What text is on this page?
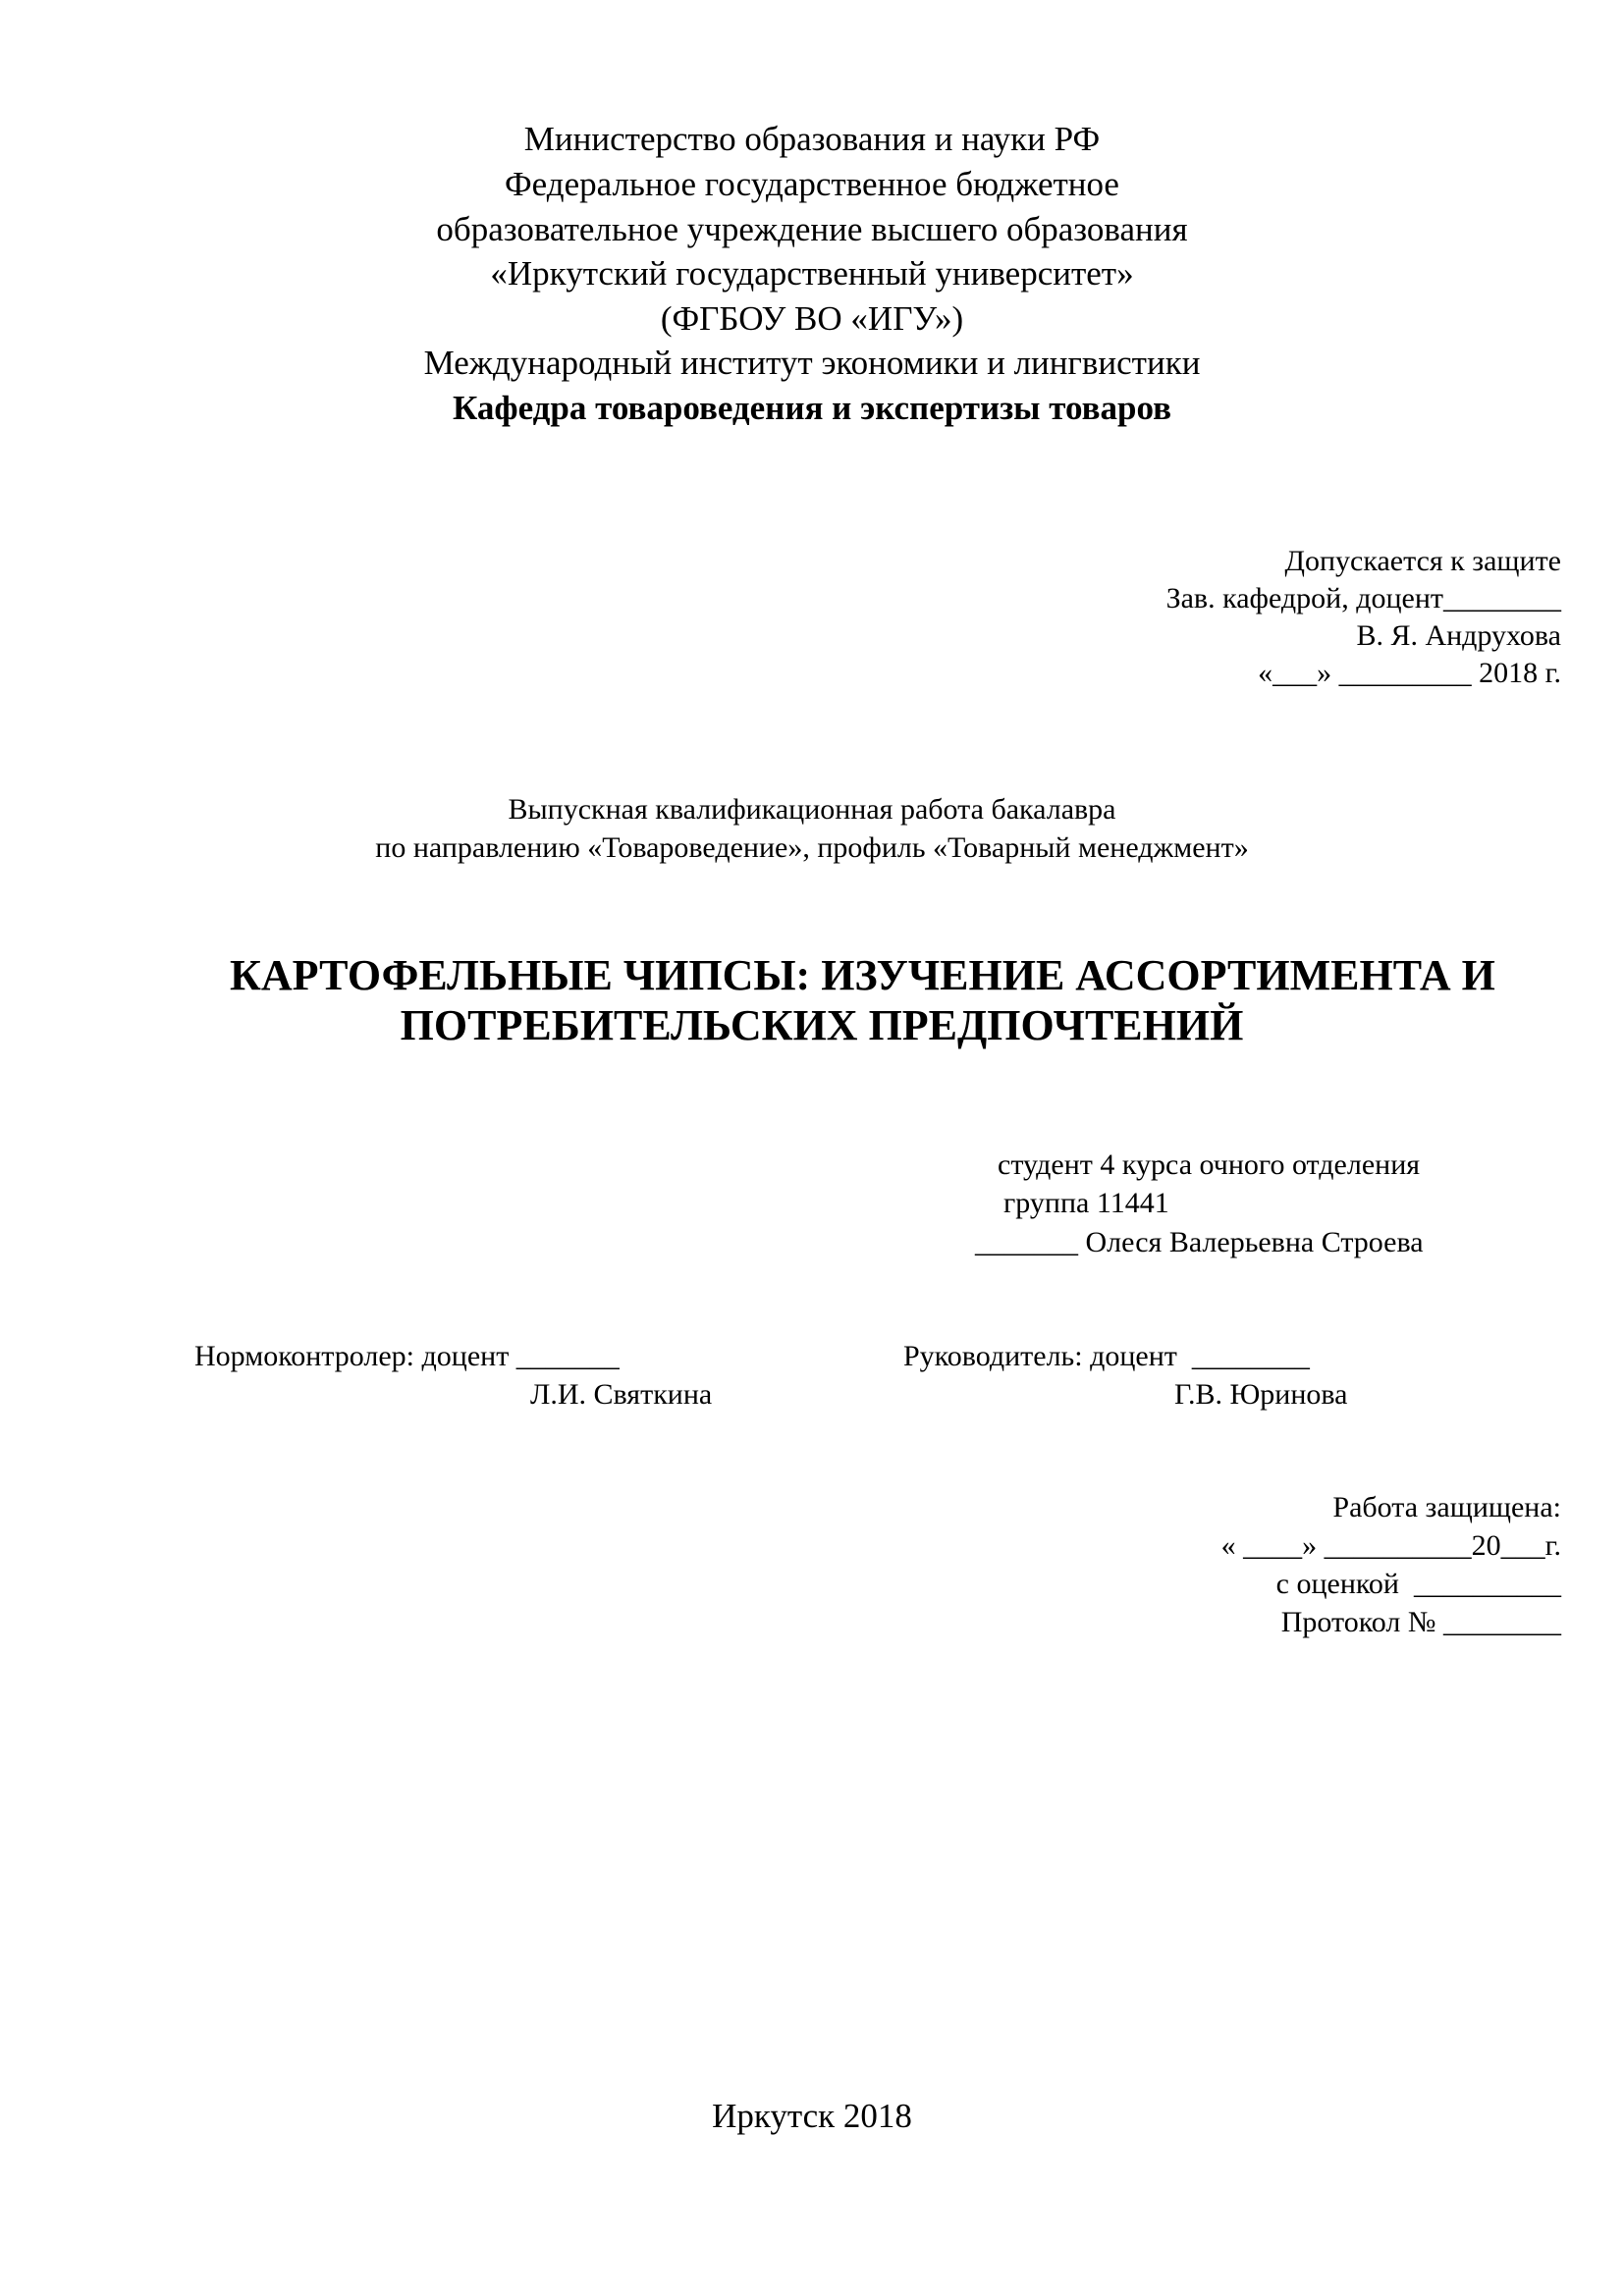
Министерство образования и науки РФ
Федеральное государственное бюджетное
образовательное учреждение высшего образования
«Иркутский государственный университет»
(ФГБОУ ВО «ИГУ»)
Международный институт экономики и лингвистики
Кафедра товароведения и экспертизы товаров
Допускается к защите
Зав. кафедрой, доцент________
В. Я. Андрухова
«___» _________ 2018 г.
Выпускная квалификационная работа бакалавра
по направлению «Товароведение», профиль «Товарный менеджмент»
КАРТОФЕЛЬНЫЕ ЧИПСЫ: ИЗУЧЕНИЕ АССОРТИМЕНТА И
ПОТРЕБИТЕЛЬСКИХ ПРЕДПОЧТЕНИЙ
студент 4 курса очного отделения
группа 11441
_______ Олеся Валерьевна Строева
Нормоконтролер: доцент _______
Л.И. Святкина
Руководитель: доцент  ________
Г.В. Юринова
Работа защищена:
« ____» __________20___г.
с оценкой  __________
Протокол № ________
Иркутск 2018
